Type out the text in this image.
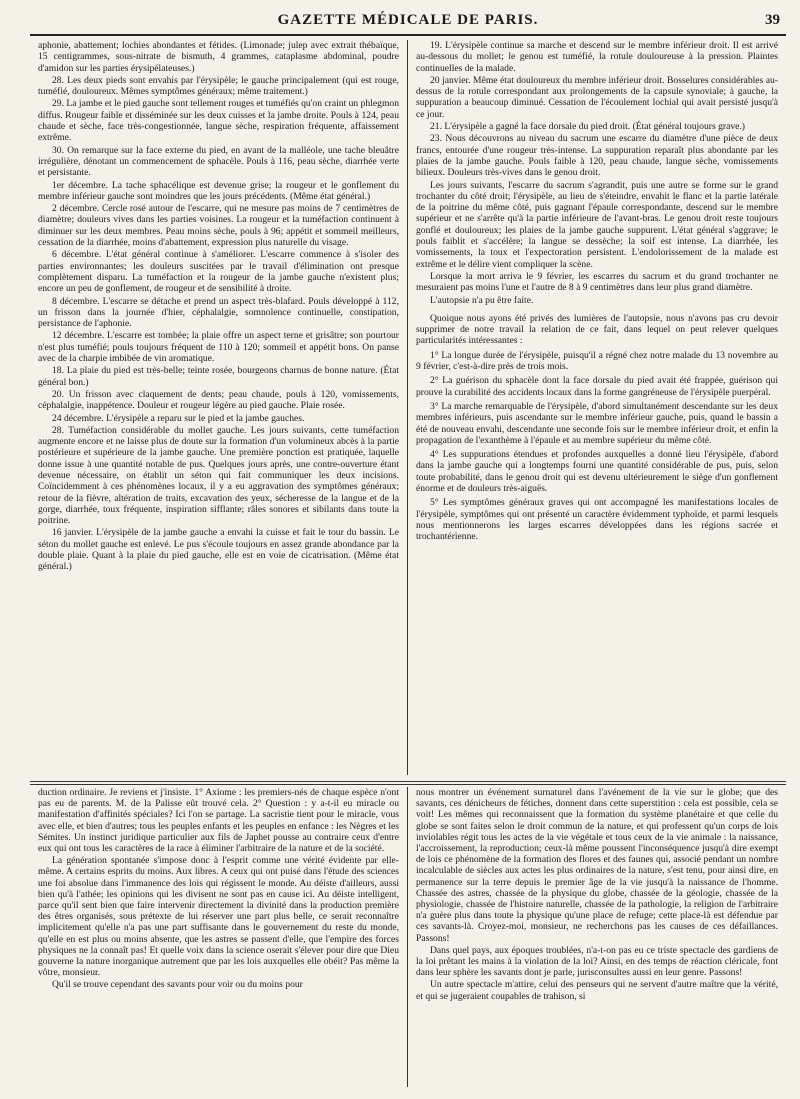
GAZETTE MÉDICALE DE PARIS.	39

aphonie, abattement; lochies abondantes et fétides. (Limonade; julep avec extrait thébaïque, 15 centigrammes, sous-nitrate de bismuth, 4 grammes, cataplasme abdominal, poudre d'amidon sur les parties érysipélateuses.)

28. Les deux pieds sont envahis par l'érysipèle; le gauche principalement (qui est rouge, tuméfié, douloureux. Mêmes symptômes généraux; même traitement.)

29. La jambe et le pied gauche sont tellement rouges et tuméfiés qu'on craint un phlegmon diffus. Rougeur faible et disséminée sur les deux cuisses et la jambe droite. Pouls à 124, peau chaude et sèche, face très-congestionnée, langue sèche, respiration fréquente, affaissement extrême.

30. On remarque sur la face externe du pied, en avant de la malléole, une tache bleuâtre irrégulière, dénotant un commencement de sphacèle. Pouls à 116, peau sèche, diarrhée verte et persistante.

1er décembre. La tache sphacélique est devenue grise; la rougeur et le gonflement du membre inférieur gauche sont moindres que les jours précédents. (Même état général.)

2 décembre. Cercle rosé autour de l'escarre, qui ne mesure pas moins de 7 centimètres de diamètre; douleurs vives dans les parties voisines. La rougeur et la tuméfaction continuent à diminuer sur les deux membres. Peau moins sèche, pouls à 96; appétit et sommeil meilleurs, cessation de la diarrhée, moins d'abattement, expression plus naturelle du visage.

6 décembre. L'état général continue à s'améliorer. L'escarre commence à s'isoler des parties environnantes; les douleurs suscitées par le travail d'élimination ont presque complètement disparu. La tuméfaction et la rougeur de la jambe gauche n'existent plus; encore un peu de gonflement, de rougeur et de sensibilité à droite.

8 décembre. L'escarre se détache et prend un aspect très-blafard. Pouls développé à 112, un frisson dans la journée d'hier, céphalalgie, somnolence continuelle, constipation, persistance de l'aphonie.

12 décembre. L'escarre est tombée; la plaie offre un aspect terne et grisâtre; son pourtour n'est plus tuméfié; pouls toujours fréquent de 110 à 120; sommeil et appétit bons. On panse avec de la charpie imbibée de vin aromatique.

18. La plaie du pied est très-belle; teinte rosée, bourgeons charnus de bonne nature. (État général bon.)

20. Un frisson avec claquement de dents; peau chaude, pouls à 120, vomissements, céphalalgie, inappétence. Douleur et rougeur légère au pied gauche. Plaie rosée.

24 décembre. L'érysipèle a reparu sur le pied et la jambe gauches.

28. Tuméfaction considérable du mollet gauche. Les jours suivants, cette tuméfaction augmente encore et ne laisse plus de doute sur la formation d'un volumineux abcès à la partie postérieure et supérieure de la jambe gauche. Une première ponction est pratiquée, laquelle donne issue à une quantité notable de pus. Quelques jours après, une contre-ouverture étant devenue nécessaire, on établit un séton qui fait communiquer les deux incisions. Coïncidemment à ces phénomènes locaux, il y a eu aggravation des symptômes généraux; retour de la fièvre, altération de traits, excavation des yeux, sécheresse de la langue et de la gorge, diarrhée, toux fréquente, inspiration sifflante; râles sonores et sibilants dans toute la poitrine.

16 janvier. L'érysipèle de la jambe gauche a envahi la cuisse et fait le tour du bassin. Le séton du mollet gauche est enlevé. Le pus s'écoule toujours en assez grande abondance par la double plaie. Quant à la plaie du pied gauche, elle est en voie de cicatrisation. (Même état général.)

19. L'érysipèle continue sa marche et descend sur le membre inférieur droit. Il est arrivé au-dessous du mollet; le genou est tuméfié, la rotule douloureuse à la pression. Plaintes continuelles de la malade.

20 janvier. Même état douloureux du membre inférieur droit. Bosselures considérables au-dessus de la rotule correspondant aux prolongements de la capsule synoviale; à gauche, la suppuration a beaucoup diminué. Cessation de l'écoulement lochial qui avait persisté jusqu'à ce jour.

21. L'érysipèle a gagné la face dorsale du pied droit. (État général toujours grave.)

23. Nous découvrons au niveau du sacrum une escarre du diamètre d'une pièce de deux francs, entourée d'une rougeur très-intense. La suppuration reparaît plus abondante par les plaies de la jambe gauche. Pouls faible à 120, peau chaude, langue sèche, vomissements bilieux. Douleurs très-vives dans le genou droit.

Les jours suivants, l'escarre du sacrum s'agrandit, puis une autre se forme sur le grand trochanter du côté droit; l'érysipèle, au lieu de s'éteindre, envahit le flanc et la partie latérale de la poitrine du même côté, puis gagnant l'épaule correspondante, descend sur le membre supérieur et ne s'arrête qu'à la partie inférieure de l'avant-bras. Le genou droit reste toujours gonflé et douloureux; les plaies de la jambe gauche suppurent. L'état général s'aggrave; le pouls faiblit et s'accélère; la langue se dessèche; la soif est intense. La diarrhée, les vomissements, la toux et l'expectoration persistent. L'endolorissement de la malade est extrême et le délire vient compliquer la scène.

Lorsque la mort arriva le 9 février, les escarres du sacrum et du grand trochanter ne mesuraient pas moins l'une et l'autre de 8 à 9 centimètres dans leur plus grand diamètre.

L'autopsie n'a pu être faite.

Quoique nous ayons été privés des lumières de l'autopsie, nous n'avons pas cru devoir supprimer de notre travail la relation de ce fait, dans lequel on peut relever quelques particularités intéressantes :

1° La longue durée de l'érysipèle, puisqu'il a régné chez notre malade du 13 novembre au 9 février, c'est-à-dire près de trois mois.

2° La guérison du sphacèle dont la face dorsale du pied avait été frappée, guérison qui prouve la curabilité des accidents locaux dans la forme gangréneuse de l'érysipèle puerpéral.

3° La marche remarquable de l'érysipèle, d'abord simultanément descendante sur les deux membres inférieurs, puis ascendante sur le membre inférieur gauche, puis, quand le bassin a été de nouveau envahi, descendante une seconde fois sur le membre inférieur droit, et enfin la propagation de l'exanthème à l'épaule et au membre supérieur du même côté.

4° Les suppurations étendues et profondes auxquelles a donné lieu l'érysipèle, d'abord dans la jambe gauche qui a longtemps fourni une quantité considérable de pus, puis, selon toute probabilité, dans le genou droit qui est devenu ultérieurement le siège d'un gonflement énorme et de douleurs très-aiguës.

5° Les symptômes généraux graves qui ont accompagné les manifestations locales de l'érysipèle, symptômes qui ont présenté un caractère évidemment typhoïde, et parmi lesquels nous mentionnerons les larges escarres développées dans les régions sacrée et trochantérienne.

duction ordinaire. Je reviens et j'insiste. 1° Axiome : les premiers-nés de chaque espèce n'ont pas eu de parents. M. de la Palisse eût trouvé cela. 2° Question : y a-t-il eu miracle ou manifestation d'affinités spéciales? Ici l'on se partage. La sacristie tient pour le miracle, vous avec elle, et bien d'autres; tous les peuples enfants et les peuples en enfance : les Nègres et les Sémites. Un instinct juridique particulier aux fils de Japhet pousse au contraire ceux d'entre eux qui ont tous les caractères de la race à éliminer l'arbitraire de la nature et de la société.

La génération spontanée s'impose donc à l'esprit comme une vérité évidente par elle-même. A certains esprits du moins. Aux libres. A ceux qui ont puisé dans l'étude des sciences une foi absolue dans l'immanence des lois qui régissent le monde. Au déiste d'ailleurs, aussi bien qu'à l'athée; les opinions qui les divisent ne sont pas en cause ici. Au déiste intelligent, parce qu'il sent bien que faire intervenir directement la divinité dans la production première des êtres organisés, sous prétexte de lui réserver une part plus belle, ce serait reconnaître implicitement qu'elle n'a pas une part suffisante dans le gouvernement du reste du monde, qu'elle en est plus ou moins absente, que les astres se passent d'elle, que l'empire des forces physiques ne la connaît pas! Et quelle voix dans la science oserait s'élever pour dire que Dieu gouverne la nature inorganique autrement que par les lois auxquelles elle obéit? Pas même la vôtre, monsieur.

Qu'il se trouve cependant des savants pour voir ou du moins pour

nous montrer un événement surnaturel dans l'avénement de la vie sur le globe; que des savants, ces dénicheurs de fétiches, donnent dans cette superstition : cela est possible, cela se voit! Les mêmes qui reconnaissent que la formation du système planétaire et que celle du globe se sont faites selon le droit commun de la nature, et qui professent qu'un corps de lois inviolables régit tous les actes de la vie végétale et tous ceux de la vie animale : la naissance, l'accroissement, la reproduction; ceux-là même poussent l'inconséquence jusqu'à dire exempt de lois ce phénomène de la formation des flores et des faunes qui, associé pendant un nombre incalculable de siècles aux actes les plus ordinaires de la nature, s'est tenu, pour ainsi dire, en permanence sur la terre depuis le premier âge de la vie jusqu'à la naissance de l'homme. Chassée des astres, chassée de la physique du globe, chassée de la géologie, chassée de la physiologie, chassée de l'histoire naturelle, chassée de la pathologie, la religion de l'arbitraire n'a guère plus dans toute la physique qu'une place de refuge; cette place-là est défendue par ces savants-là. Croyez-moi, monsieur, ne recherchons pas les causes de ces défaillances. Passons!

Dans quel pays, aux époques troublées, n'a-t-on pas eu ce triste spectacle des gardiens de la loi prêtant les mains à la violation de la loi? Ainsi, en des temps de réaction cléricale, font dans leur sphère les savants dont je parle, jurisconsultes aussi en leur genre. Passons!

Un autre spectacle m'attire, celui des penseurs qui ne servent d'autre maître que la vérité, et qui se jugeraient coupables de trahison, si
